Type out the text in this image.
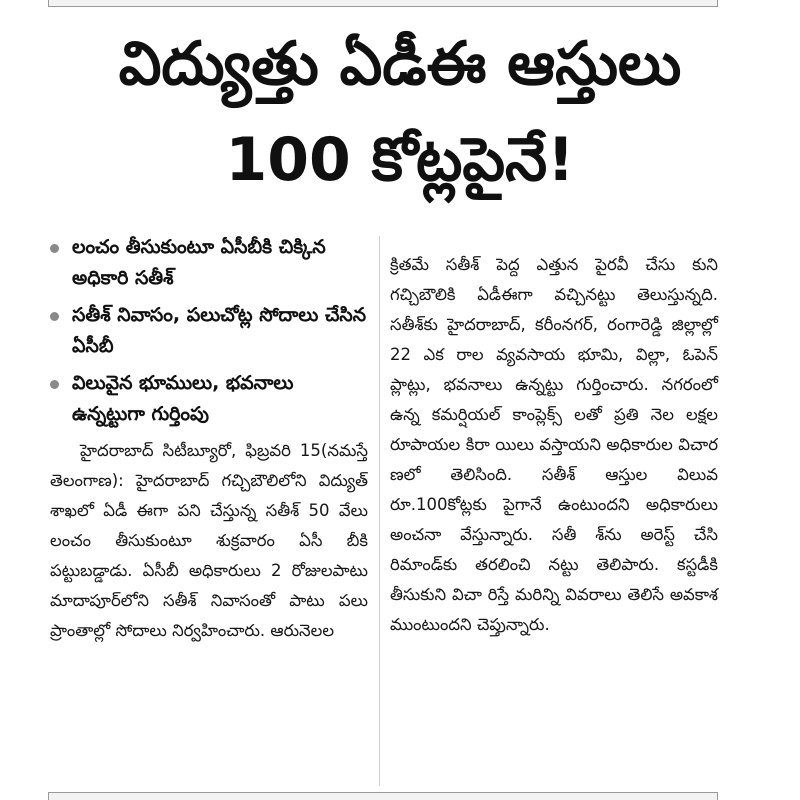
విద్యుత్తు ఏడీఈ ఆస్తులు
100 కోట్లపైనే!
లంచం తీసుకుంటూ ఏసీబీకి చిక్కిన అధికారి సతీశ్
సతీశ్ నివాసం, పలుచోట్ల సోదాలు చేసిన ఏసీబీ
విలువైన భూములు, భవనాలు ఉన్నట్టుగా గుర్తింపు

హైదరాబాద్ సిటీబ్యూరో, ఫిబ్రవరి 15(నమస్తే తెలంగాణ): హైదరాబాద్ గచ్చిబౌలిలోని విద్యుత్ శాఖలో ఏడీ ఈగా పని చేస్తున్న సతీశ్ 50 వేలు లంచం తీసుకుంటూ శుక్రవారం ఏసీ బీకి పట్టుబడ్డాడు. ఏసీబీ అధికారులు 2 రోజులపాటు మాదాపూర్‌లోని సతీశ్ నివాసంతో పాటు పలు ప్రాంతాల్లో సోదాలు నిర్వహించారు. ఆరునెలల

క్రితమే సతీశ్ పెద్ద ఎత్తున పైరవీ చేసు కుని గచ్చిబౌలికి ఏడీఈగా వచ్చినట్టు తెలుస్తున్నది. సతీశ్‌కు హైదరాబాద్, కరీంనగర్, రంగారెడ్డి జిల్లాల్లో 22 ఎక రాల వ్యవసాయ భూమి, విల్లా, ఓపెన్ ప్లాట్లు, భవనాలు ఉన్నట్టు గుర్తించారు. నగరంలో ఉన్న కమర్షియల్ కాంప్లెక్స్ లతో ప్రతి నెల లక్షల రూపాయల కిరా యిలు వస్తాయని అధికారుల విచార ణలో తెలిసింది. సతీశ్ ఆస్తుల విలువ రూ.100కోట్లకు పైగానే ఉంటుందని అధికారులు అంచనా వేస్తున్నారు. సతీ శ్‌ను అరెస్ట్ చేసి రిమాండ్‌కు తరలించి నట్టు తెలిపారు. కస్టడీకి తీసుకుని విచా రిస్తే మరిన్ని వివరాలు తెలిసే అవకాశ ముంటుందని చెప్తున్నారు.
